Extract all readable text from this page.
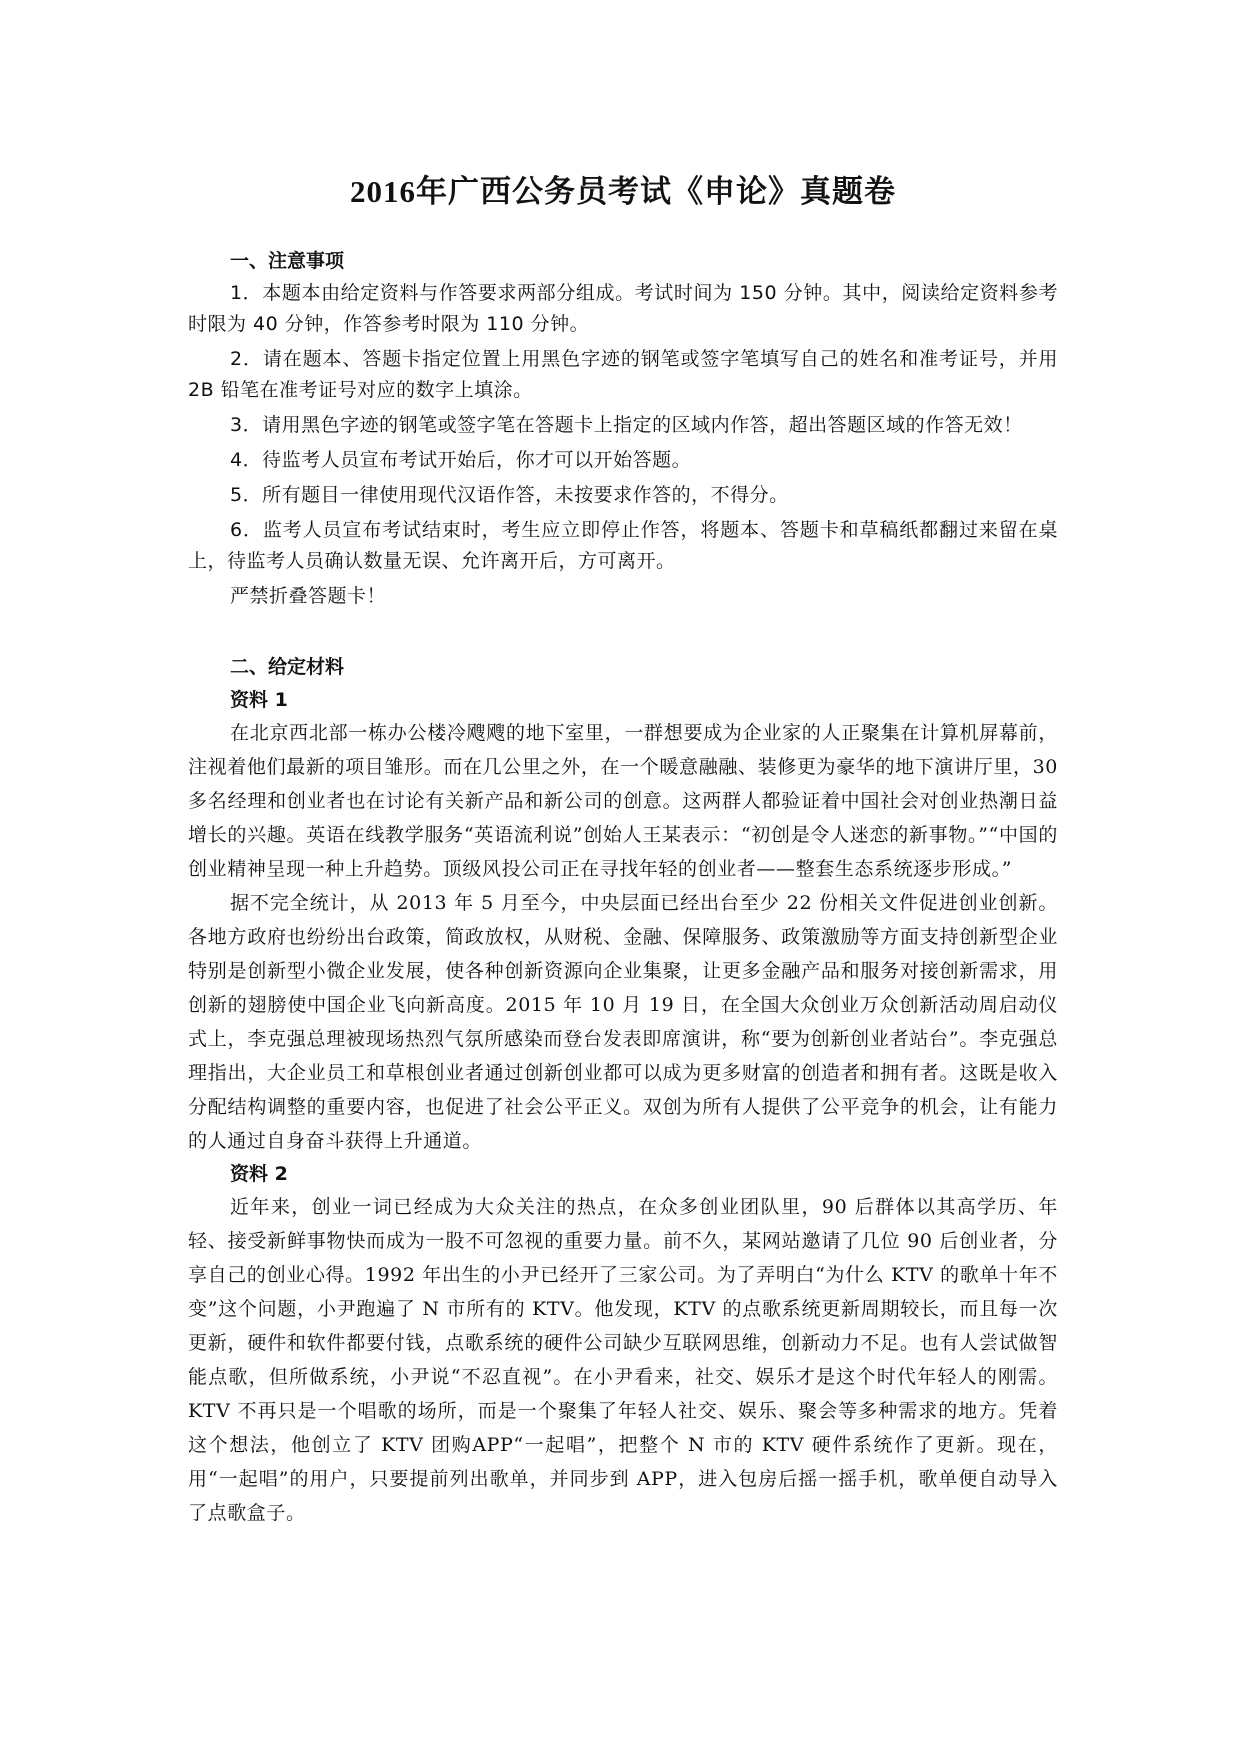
2016年广西公务员考试《申论》真题卷

一、注意事项

1．本题本由给定资料与作答要求两部分组成。考试时间为 150 分钟。其中，阅读给定资料参考时限为 40 分钟，作答参考时限为 110 分钟。

2．请在题本、答题卡指定位置上用黑色字迹的钢笔或签字笔填写自己的姓名和准考证号，并用 2B 铅笔在准考证号对应的数字上填涂。

3．请用黑色字迹的钢笔或签字笔在答题卡上指定的区域内作答，超出答题区域的作答无效！

4．待监考人员宣布考试开始后，你才可以开始答题。

5．所有题目一律使用现代汉语作答，未按要求作答的，不得分。

6．监考人员宣布考试结束时，考生应立即停止作答，将题本、答题卡和草稿纸都翻过来留在桌上，待监考人员确认数量无误、允许离开后，方可离开。

严禁折叠答题卡！

二、给定材料

资料 1

在北京西北部一栋办公楼冷飕飕的地下室里，一群想要成为企业家的人正聚集在计算机屏幕前，注视着他们最新的项目雏形。而在几公里之外，在一个暖意融融、装修更为豪华的地下演讲厅里，30 多名经理和创业者也在讨论有关新产品和新公司的创意。这两群人都验证着中国社会对创业热潮日益增长的兴趣。英语在线教学服务“英语流利说”创始人王某表示：“初创是令人迷恋的新事物。”“中国的创业精神呈现一种上升趋势。顶级风投公司正在寻找年轻的创业者——整套生态系统逐步形成。”

据不完全统计，从 2013 年 5 月至今，中央层面已经出台至少 22 份相关文件促进创业创新。各地方政府也纷纷出台政策，简政放权，从财税、金融、保障服务、政策激励等方面支持创新型企业特别是创新型小微企业发展，使各种创新资源向企业集聚，让更多金融产品和服务对接创新需求，用创新的翅膀使中国企业飞向新高度。2015 年 10 月 19 日，在全国大众创业万众创新活动周启动仪式上，李克强总理被现场热烈气氛所感染而登台发表即席演讲，称“要为创新创业者站台”。李克强总理指出，大企业员工和草根创业者通过创新创业都可以成为更多财富的创造者和拥有者。这既是收入分配结构调整的重要内容，也促进了社会公平正义。双创为所有人提供了公平竞争的机会，让有能力的人通过自身奋斗获得上升通道。

资料 2

近年来，创业一词已经成为大众关注的热点，在众多创业团队里，90 后群体以其高学历、年轻、接受新鲜事物快而成为一股不可忽视的重要力量。前不久，某网站邀请了几位 90 后创业者，分享自己的创业心得。1992 年出生的小尹已经开了三家公司。为了弄明白“为什么 KTV 的歌单十年不变”这个问题，小尹跑遍了 N 市所有的 KTV。他发现，KTV 的点歌系统更新周期较长，而且每一次更新，硬件和软件都要付钱，点歌系统的硬件公司缺少互联网思维，创新动力不足。也有人尝试做智能点歌，但所做系统，小尹说“不忍直视”。在小尹看来，社交、娱乐才是这个时代年轻人的刚需。KTV 不再只是一个唱歌的场所，而是一个聚集了年轻人社交、娱乐、聚会等多种需求的地方。凭着这个想法，他创立了 KTV 团购APP“一起唱”，把整个 N 市的 KTV 硬件系统作了更新。现在，用“一起唱”的用户，只要提前列出歌单，并同步到 APP，进入包房后摇一摇手机，歌单便自动导入了点歌盒子。
